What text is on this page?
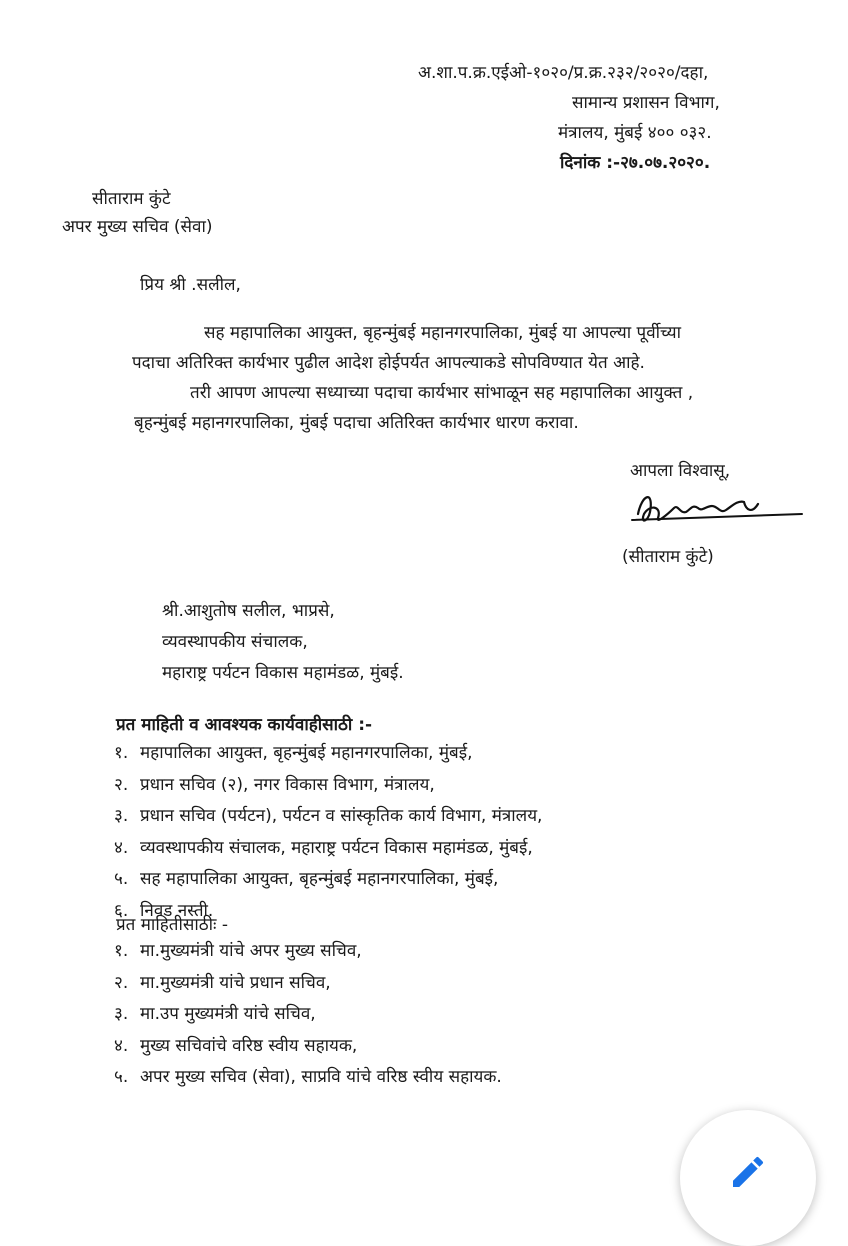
अ.शा.प.क्र.एईओ-१०२०/प्र.क्र.२३२/२०२०/दहा,
सामान्य प्रशासन विभाग,
मंत्रालय, मुंबई ४०० ०३२.
दिनांक :-२७.०७.२०२०.
सीताराम कुंटे
अपर मुख्य सचिव (सेवा)
प्रिय श्री .सलील,
सह महापालिका आयुक्त, बृहन्मुंबई महानगरपालिका, मुंबई या आपल्या पूर्वीच्या
पदाचा अतिरिक्त कार्यभार पुढील आदेश होईपर्यत आपल्याकडे सोपविण्यात येत आहे.
तरी आपण आपल्या सध्याच्या पदाचा कार्यभार सांभाळून सह महापालिका आयुक्त ,
बृहन्मुंबई महानगरपालिका, मुंबई पदाचा अतिरिक्त कार्यभार धारण करावा.
आपला विश्वासू,
(सीताराम कुंटे)
श्री.आशुतोष सलील, भाप्रसे,
व्यवस्थापकीय संचालक,
महाराष्ट्र पर्यटन विकास महामंडळ, मुंबई.
प्रत माहिती व आवश्यक कार्यवाहीसाठी :-
१. महापालिका आयुक्त, बृहन्मुंबई महानगरपालिका, मुंबई,
२. प्रधान सचिव (२), नगर विकास विभाग, मंत्रालय,
३. प्रधान सचिव (पर्यटन), पर्यटन व सांस्कृतिक कार्य विभाग, मंत्रालय,
४. व्यवस्थापकीय संचालक, महाराष्ट्र पर्यटन विकास महामंडळ, मुंबई,
५. सह महापालिका आयुक्त, बृहन्मुंबई महानगरपालिका, मुंबई,
६. निवड नस्ती.
प्रत माहितीसाठीः -
१. मा.मुख्यमंत्री यांचे अपर मुख्य सचिव,
२. मा.मुख्यमंत्री यांचे प्रधान सचिव,
३. मा.उप मुख्यमंत्री यांचे सचिव,
४. मुख्य सचिवांचे वरिष्ठ स्वीय सहायक,
५. अपर मुख्य सचिव (सेवा), साप्रवि यांचे वरिष्ठ स्वीय सहायक.
